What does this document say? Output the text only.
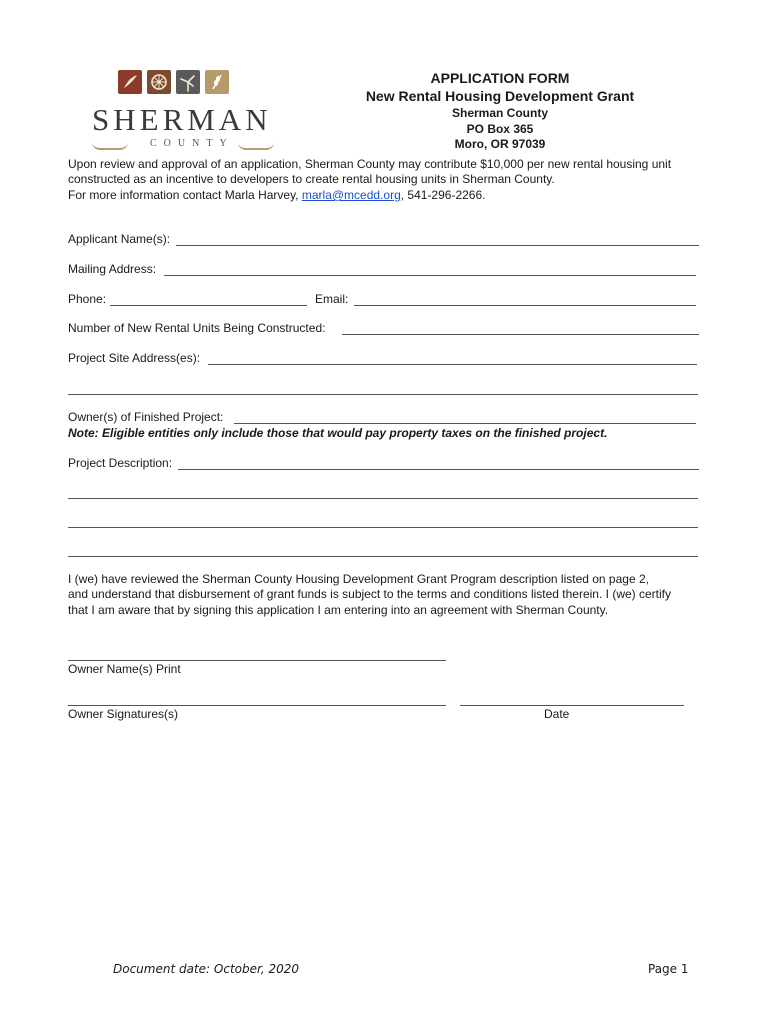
SHERMAN
COUNTY
APPLICATION FORM
New Rental Housing Development Grant
Sherman County
PO Box 365
Moro, OR 97039
Upon review and approval of an application, Sherman County may contribute $10,000 per new rental housing unit
constructed as an incentive to developers to create rental housing units in Sherman County.
For more information contact Marla Harvey, marla@mcedd.org, 541-296-2266.
Applicant Name(s):
Mailing Address:
Phone:	Email:
Number of New Rental Units Being Constructed:
Project Site Address(es):
Owner(s) of Finished Project:
Note: Eligible entities only include those that would pay property taxes on the finished project.
Project Description:
I (we) have reviewed the Sherman County Housing Development Grant Program description listed on page 2,
and understand that disbursement of grant funds is subject to the terms and conditions listed therein. I (we) certify
that I am aware that by signing this application I am entering into an agreement with Sherman County.
Owner Name(s) Print
Owner Signatures(s)	Date
Document date: October, 2020	Page 1
